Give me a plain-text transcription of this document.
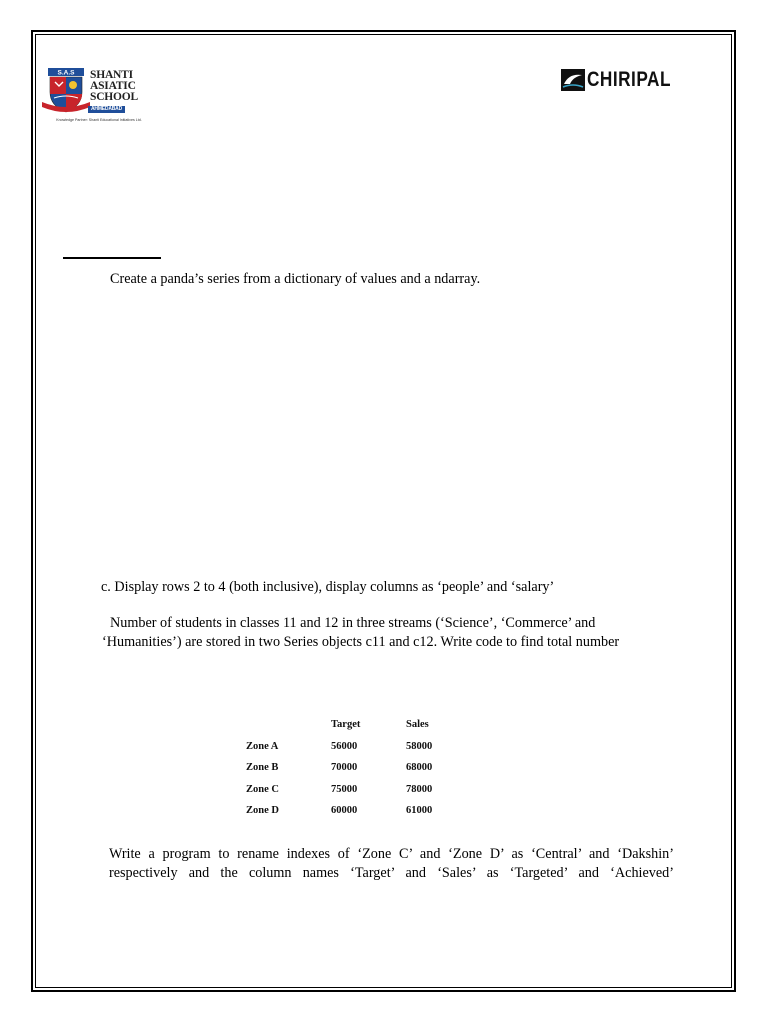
S.A.S SHANTI
ASIATIC
SCHOOL
AHMEDABAD
Knowledge Partner: Shanti Educational Initiatives Ltd.
CHIRIPAL
Create a panda’s series from a dictionary of values and a ndarray.
c. Display rows 2 to 4 (both inclusive), display columns as ‘people’ and ‘salary’
Number of students in classes 11 and 12 in three streams (‘Science’, ‘Commerce’ and
‘Humanities’) are stored in two Series objects c11 and c12. Write code to find total number
	Target	Sales
Zone A	56000	58000
Zone B	70000	68000
Zone C	75000	78000
Zone D	60000	61000
Write a program to rename indexes of ‘Zone C’ and ‘Zone D’ as ‘Central’ and ‘Dakshin’
respectively and the column names ‘Target’ and ‘Sales’ as ‘Targeted’ and ‘Achieved’
